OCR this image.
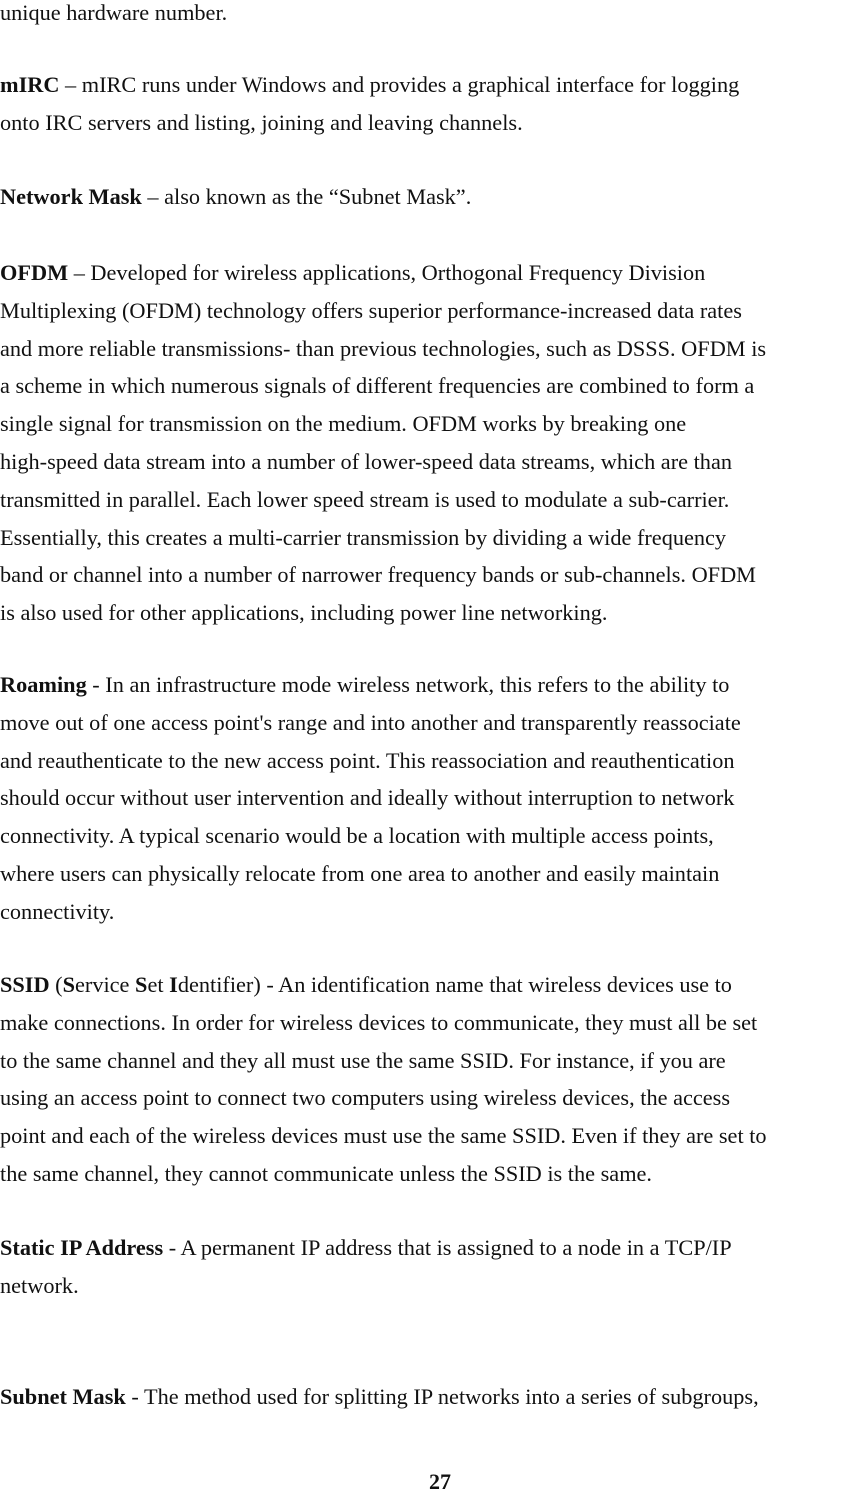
unique hardware number.

mIRC – mIRC runs under Windows and provides a graphical interface for logging
onto IRC servers and listing, joining and leaving channels.

Network Mask – also known as the “Subnet Mask”.

OFDM – Developed for wireless applications, Orthogonal Frequency Division
Multiplexing (OFDM) technology offers superior performance-increased data rates
and more reliable transmissions- than previous technologies, such as DSSS. OFDM is
a scheme in which numerous signals of different frequencies are combined to form a
single signal for transmission on the medium. OFDM works by breaking one
high-speed data stream into a number of lower-speed data streams, which are than
transmitted in parallel. Each lower speed stream is used to modulate a sub-carrier.
Essentially, this creates a multi-carrier transmission by dividing a wide frequency
band or channel into a number of narrower frequency bands or sub-channels. OFDM
is also used for other applications, including power line networking.

Roaming - In an infrastructure mode wireless network, this refers to the ability to
move out of one access point's range and into another and transparently reassociate
and reauthenticate to the new access point. This reassociation and reauthentication
should occur without user intervention and ideally without interruption to network
connectivity. A typical scenario would be a location with multiple access points,
where users can physically relocate from one area to another and easily maintain
connectivity.

SSID (Service Set Identifier) - An identification name that wireless devices use to
make connections. In order for wireless devices to communicate, they must all be set
to the same channel and they all must use the same SSID. For instance, if you are
using an access point to connect two computers using wireless devices, the access
point and each of the wireless devices must use the same SSID. Even if they are set to
the same channel, they cannot communicate unless the SSID is the same.

Static IP Address - A permanent IP address that is assigned to a node in a TCP/IP
network.

Subnet Mask - The method used for splitting IP networks into a series of subgroups,

27
